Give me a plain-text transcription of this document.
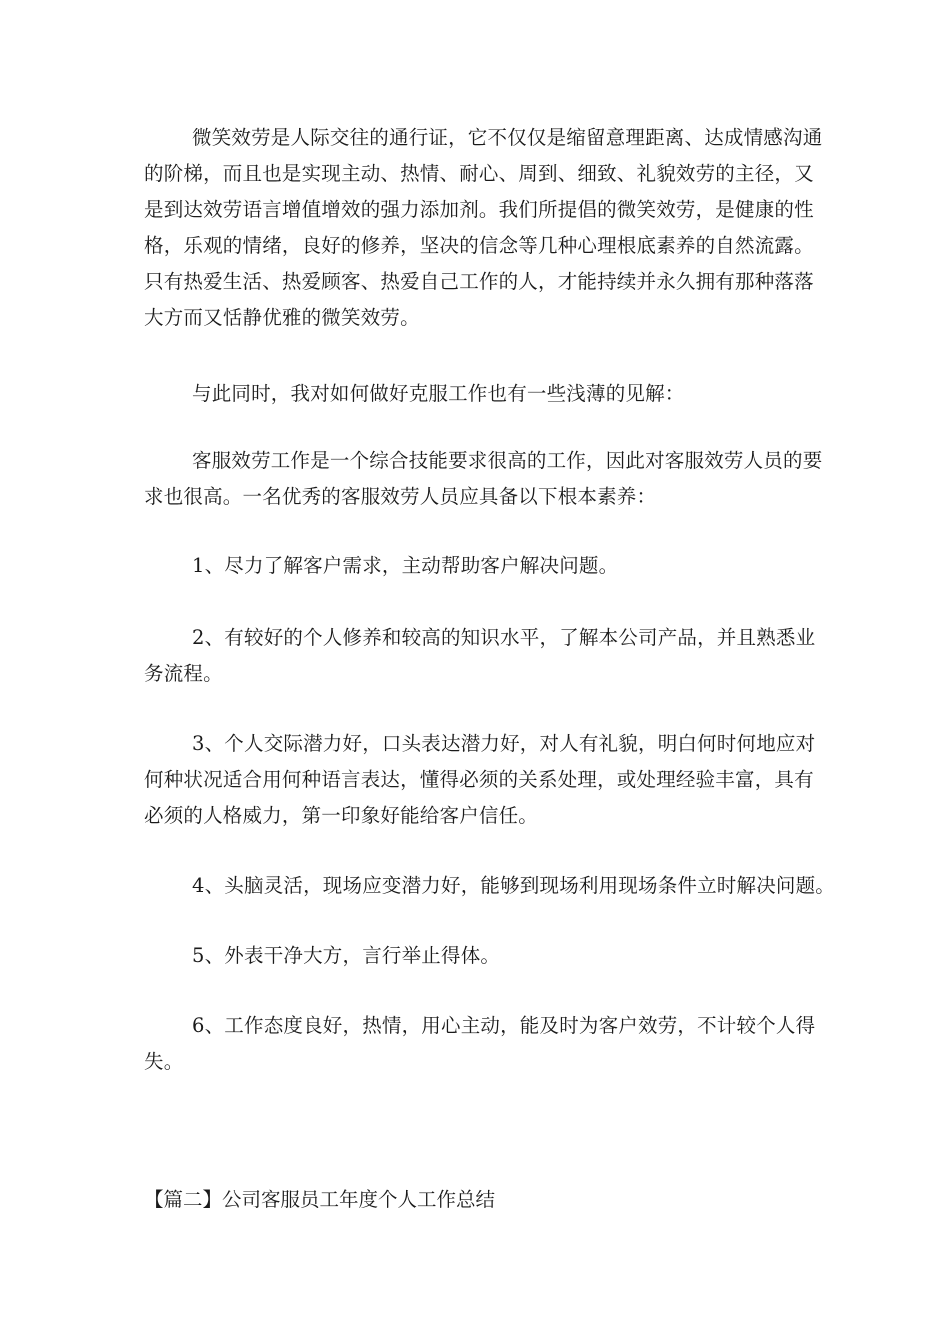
微笑效劳是人际交往的通行证，它不仅仅是缩留意理距离、达成情感沟通
的阶梯，而且也是实现主动、热情、耐心、周到、细致、礼貌效劳的主径，又
是到达效劳语言增值增效的强力添加剂。我们所提倡的微笑效劳，是健康的性
格，乐观的情绪，良好的修养，坚决的信念等几种心理根底素养的自然流露。
只有热爱生活、热爱顾客、热爱自己工作的人，才能持续并永久拥有那种落落
大方而又恬静优雅的微笑效劳。

与此同时，我对如何做好克服工作也有一些浅薄的见解：

客服效劳工作是一个综合技能要求很高的工作，因此对客服效劳人员的要
求也很高。一名优秀的客服效劳人员应具备以下根本素养：

1、尽力了解客户需求，主动帮助客户解决问题。

2、有较好的个人修养和较高的知识水平，了解本公司产品，并且熟悉业
务流程。

3、个人交际潜力好，口头表达潜力好，对人有礼貌，明白何时何地应对
何种状况适合用何种语言表达，懂得必须的关系处理，或处理经验丰富，具有
必须的人格威力，第一印象好能给客户信任。

4、头脑灵活，现场应变潜力好，能够到现场利用现场条件立时解决问题。

5、外表干净大方，言行举止得体。

6、工作态度良好，热情，用心主动，能及时为客户效劳，不计较个人得
失。

【篇二】公司客服员工年度个人工作总结
